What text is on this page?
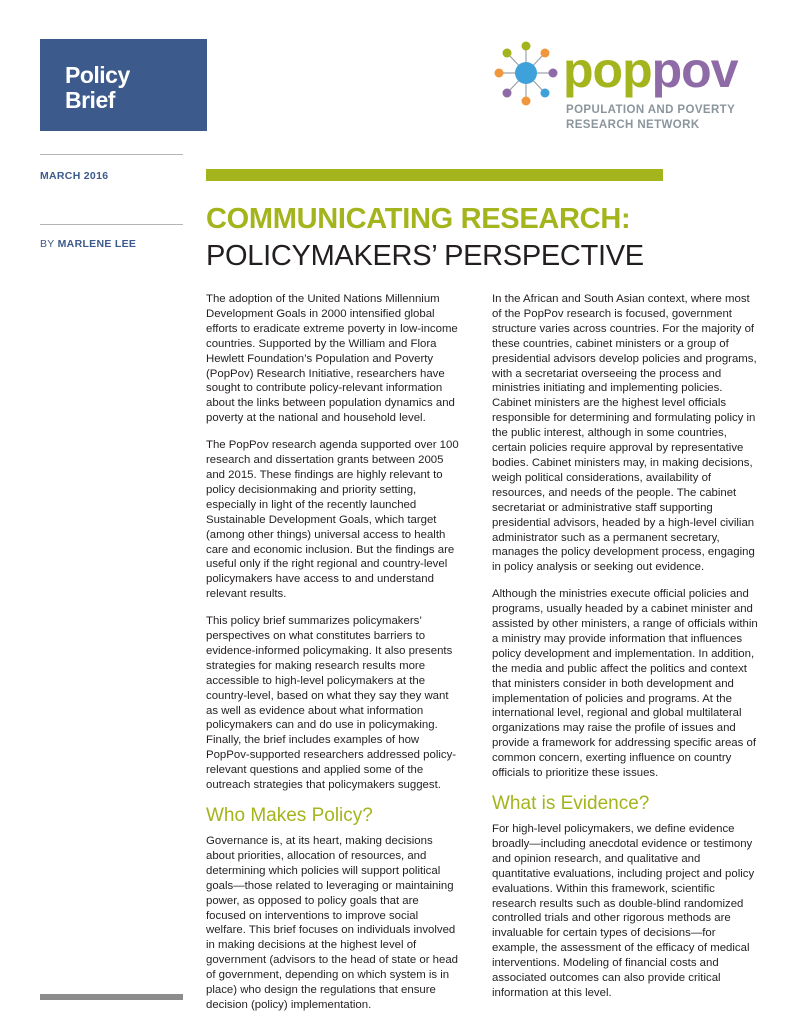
Policy
Brief
poppov
POPULATION AND POVERTY
RESEARCH NETWORK
MARCH 2016
BY MARLENE LEE
COMMUNICATING RESEARCH:
POLICYMAKERS’ PERSPECTIVE

The adoption of the United Nations Millennium Development Goals in 2000 intensified global efforts to eradicate extreme poverty in low-income countries. Supported by the William and Flora Hewlett Foundation’s Population and Poverty (PopPov) Research Initiative, researchers have sought to contribute policy-relevant information about the links between population dynamics and poverty at the national and household level.

The PopPov research agenda supported over 100 research and dissertation grants between 2005 and 2015. These findings are highly relevant to policy decisionmaking and priority setting, especially in light of the recently launched Sustainable Development Goals, which target (among other things) universal access to health care and economic inclusion. But the findings are useful only if the right regional and country-level policymakers have access to and understand relevant results.

This policy brief summarizes policymakers’ perspectives on what constitutes barriers to evidence-informed policymaking. It also presents strategies for making research results more accessible to high-level policymakers at the country-level, based on what they say they want as well as evidence about what information policymakers can and do use in policymaking. Finally, the brief includes examples of how PopPov-supported researchers addressed policy-relevant questions and applied some of the outreach strategies that policymakers suggest.

Who Makes Policy?

Governance is, at its heart, making decisions about priorities, allocation of resources, and determining which policies will support political goals—those related to leveraging or maintaining power, as opposed to policy goals that are focused on interventions to improve social welfare. This brief focuses on individuals involved in making decisions at the highest level of government (advisors to the head of state or head of government, depending on which system is in place) who design the regulations that ensure decision (policy) implementation.

In the African and South Asian context, where most of the PopPov research is focused, government structure varies across countries. For the majority of these countries, cabinet ministers or a group of presidential advisors develop policies and programs, with a secretariat overseeing the process and ministries initiating and implementing policies. Cabinet ministers are the highest level officials responsible for determining and formulating policy in the public interest, although in some countries, certain policies require approval by representative bodies. Cabinet ministers may, in making decisions, weigh political considerations, availability of resources, and needs of the people. The cabinet secretariat or administrative staff supporting presidential advisors, headed by a high-level civilian administrator such as a permanent secretary, manages the policy development process, engaging in policy analysis or seeking out evidence.

Although the ministries execute official policies and programs, usually headed by a cabinet minister and assisted by other ministers, a range of officials within a ministry may provide information that influences policy development and implementation. In addition, the media and public affect the politics and context that ministers consider in both development and implementation of policies and programs. At the international level, regional and global multilateral organizations may raise the profile of issues and provide a framework for addressing specific areas of common concern, exerting influence on country officials to prioritize these issues.

What is Evidence?

For high-level policymakers, we define evidence broadly—including anecdotal evidence or testimony and opinion research, and qualitative and quantitative evaluations, including project and policy evaluations. Within this framework, scientific research results such as double-blind randomized controlled trials and other rigorous methods are invaluable for certain types of decisions—for example, the assessment of the efficacy of medical interventions. Modeling of financial costs and associated outcomes can also provide critical information at this level.
